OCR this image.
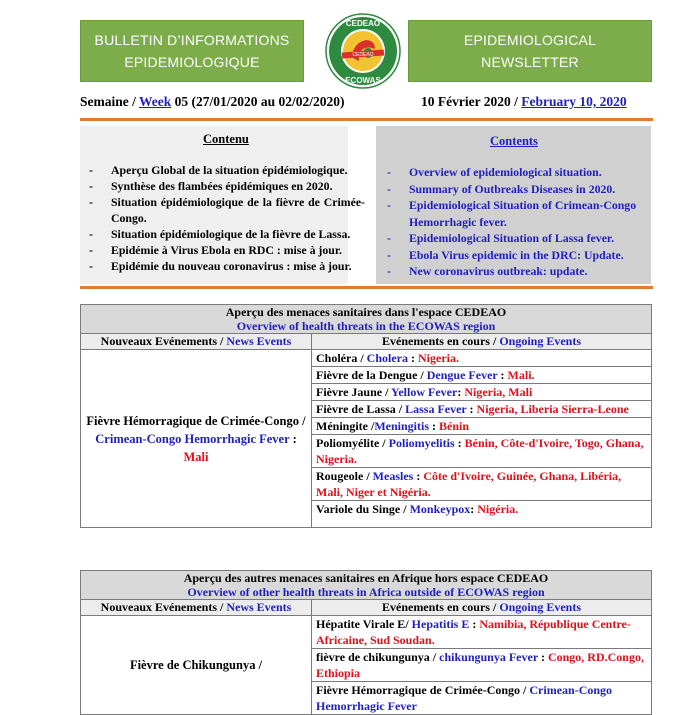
BULLETIN D’INFORMATIONS
EPIDEMIOLOGIQUE
EPIDEMIOLOGICAL
NEWSLETTER
CEDEAO
CEDEAO
ECOWAS
Semaine / Week 05 (27/01/2020 au 02/02/2020)	10 Février 2020 / February 10, 2020
Contenu	Contents
- Aperçu Global de la situation épidémiologique.
- Synthèse des flambées épidémiques en 2020.
- Situation épidémiologique de la fièvre de Crimée-Congo.
- Situation épidémiologique de la fièvre de Lassa.
- Epidémie à Virus Ebola en RDC : mise à jour.
- Epidémie du nouveau coronavirus : mise à jour.
- Overview of epidemiological situation.
- Summary of Outbreaks Diseases in 2020.
- Epidemiological Situation of Crimean-Congo Hemorrhagic fever.
- Epidemiological Situation of Lassa fever.
- Ebola Virus epidemic in the DRC: Update.
- New coronavirus outbreak: update.
Aperçu des menaces sanitaires dans l'espace CEDEAO
Overview of health threats in the ECOWAS region	

Nouveaux Evénements / News Events	Evénements en cours / Ongoing Events
Fièvre Hémorragique de Crimée-Congo / Crimean-Congo Hemorrhagic Fever : Mali	Choléra / Cholera : Nigeria.
	Fièvre de la Dengue / Dengue Fever : Mali.
	Fièvre Jaune / Yellow Fever: Nigeria, Mali
	Fièvre de Lassa / Lassa Fever : Nigeria, Liberia Sierra-Leone
	Méningite /Meningitis : Bénin
	Poliomyélite / Poliomyelitis : Bénin, Côte-d'Ivoire, Togo, Ghana, Nigeria.
	Rougeole / Measles : Côte d'Ivoire, Guinée, Ghana, Libéria, Mali, Niger et Nigéria.
	Variole du Singe / Monkeypox: Nigéria.
Aperçu des autres menaces sanitaires en Afrique hors espace CEDEAO
Overview of other health threats in Africa outside of ECOWAS region	

Nouveaux Evénements / News Events	Evénements en cours / Ongoing Events
Fièvre de Chikungunya /	Hépatite Virale E/ Hepatitis E : Namibia, République Centre- Africaine, Sud Soudan.
	fièvre de chikungunya / chikungunya Fever : Congo, RD.Congo, Ethiopia
	Fièvre Hémorragique de Crimée-Congo / Crimean-Congo Hemorrhagic Fever
